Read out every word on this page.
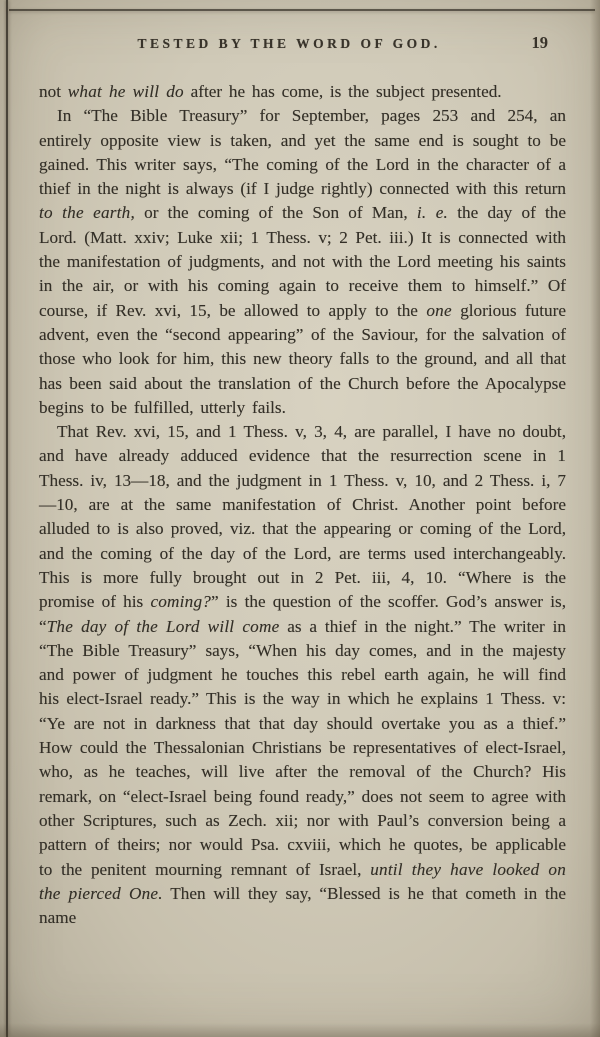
TESTED BY THE WORD OF GOD.	19

not what he will do after he has come, is the subject presented.

In “The Bible Treasury” for September, pages 253 and 254, an entirely opposite view is taken, and yet the same end is sought to be gained. This writer says, “The coming of the Lord in the character of a thief in the night is always (if I judge rightly) connected with this return to the earth, or the coming of the Son of Man, i. e. the day of the Lord. (Matt. xxiv; Luke xii; 1 Thess. v; 2 Pet. iii.) It is connected with the manifestation of judgments, and not with the Lord meeting his saints in the air, or with his coming again to receive them to himself.” Of course, if Rev. xvi, 15, be allowed to apply to the one glorious future advent, even the “second appearing” of the Saviour, for the salvation of those who look for him, this new theory falls to the ground, and all that has been said about the translation of the Church before the Apocalypse begins to be fulfilled, utterly fails.

That Rev. xvi, 15, and 1 Thess. v, 3, 4, are parallel, I have no doubt, and have already adduced evidence that the resurrection scene in 1 Thess. iv, 13—18, and the judgment in 1 Thess. v, 10, and 2 Thess. i, 7—10, are at the same manifestation of Christ. Another point before alluded to is also proved, viz. that the appearing or coming of the Lord, and the coming of the day of the Lord, are terms used interchangeably. This is more fully brought out in 2 Pet. iii, 4, 10. “Where is the promise of his coming?” is the question of the scoffer. God’s answer is, “The day of the Lord will come as a thief in the night.” The writer in “The Bible Treasury” says, “When his day comes, and in the majesty and power of judgment he touches this rebel earth again, he will find his elect-Israel ready.” This is the way in which he explains 1 Thess. v: “Ye are not in darkness that that day should overtake you as a thief.” How could the Thessalonian Christians be representatives of elect-Israel, who, as he teaches, will live after the removal of the Church? His remark, on “elect-Israel being found ready,” does not seem to agree with other Scriptures, such as Zech. xii; nor with Paul’s conversion being a pattern of theirs; nor would Psa. cxviii, which he quotes, be applicable to the penitent mourning remnant of Israel, until they have looked on the pierced One. Then will they say, “Blessed is he that cometh in the name
